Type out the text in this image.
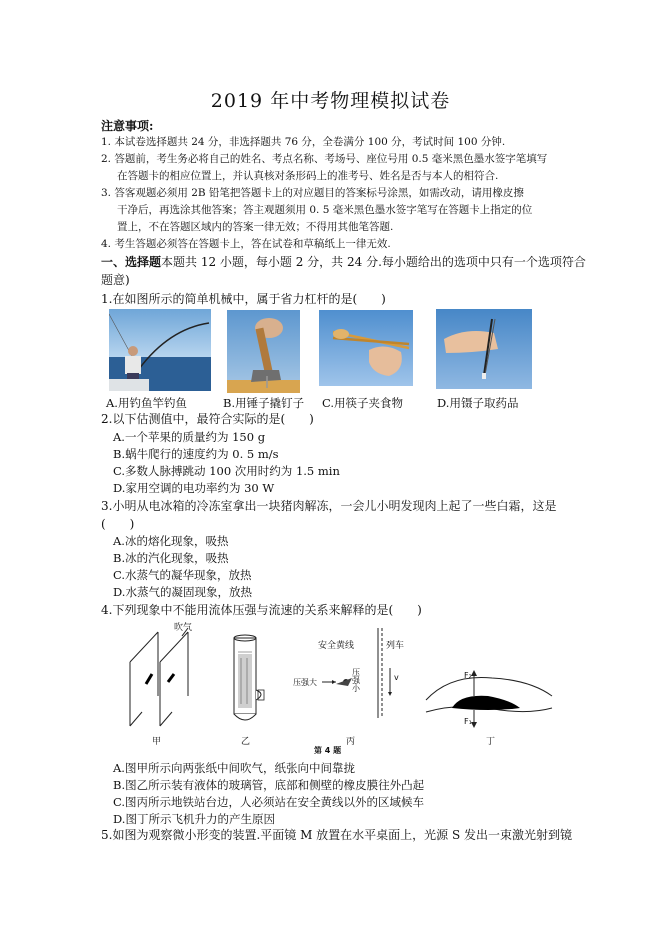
2019 年中考物理模拟试卷
注意事项:
1. 本试卷选择题共 24 分，非选择题共 76 分，全卷满分 100 分，考试时间 100 分钟.
2. 答题前，考生务必将自己的姓名、考点名称、考场号、座位号用 0.5 毫米黑色墨水签字笔填写
在答题卡的相应位置上，并认真核对条形码上的准考号、姓名是否与本人的相符合.
3. 答客观题必须用 2B 铅笔把答题卡上的对应题目的答案标号涂黑，如需改动，请用橡皮擦
干净后，再选涂其他答案；答主观题须用 0. 5 毫米黑色墨水签字笔写在答题卡上指定的位
置上，不在答题区域内的答案一律无效；不得用其他笔答题.
4. 考生答题必须答在答题卡上，答在试卷和草稿纸上一律无效.
一、选择题本题共 12 小题，每小题 2 分，共 24 分.每小题给出的选项中只有一个选项符合
题意)
1.在如图所示的简单机械中，属于省力杠杆的是(　　)
A.用钓鱼竿钓鱼	B.用锤子撬钉子 C.用筷子夹食物	D.用镊子取药品
2.以下估测值中，最符合实际的是(　　)
A.一个苹果的质量约为 150 g
B.蜗牛爬行的速度约为 0. 5 m/s
C.多数人脉搏跳动 100 次用时约为 1.5 min
D.家用空调的电功率约为 30 W
3.小明从电冰箱的冷冻室拿出一块猪肉解冻，一会儿小明发现肉上起了一些白霜，这是
(　　)
A.冰的熔化现象，吸热
B.冰的汽化现象，吸热
C.水蒸气的凝华现象，放热
D.水蒸气的凝固现象，放热
4.下列现象中不能用流体压强与流速的关系来解释的是(　　)
吹气
甲	乙
安全黄线	列车
v
压强大	压强小
丙
F₂
F₁
丁
第 4 题
A.图甲所示向两张纸中间吹气，纸张向中间靠拢
B.图乙所示装有液体的玻璃管，底部和侧壁的橡皮膜往外凸起
C.图丙所示地铁站台边，人必须站在安全黄线以外的区域候车
D.图丁所示飞机升力的产生原因
5.如图为观察微小形变的装置.平面镜 M 放置在水平桌面上，光源 S 发出一束激光射到镜
